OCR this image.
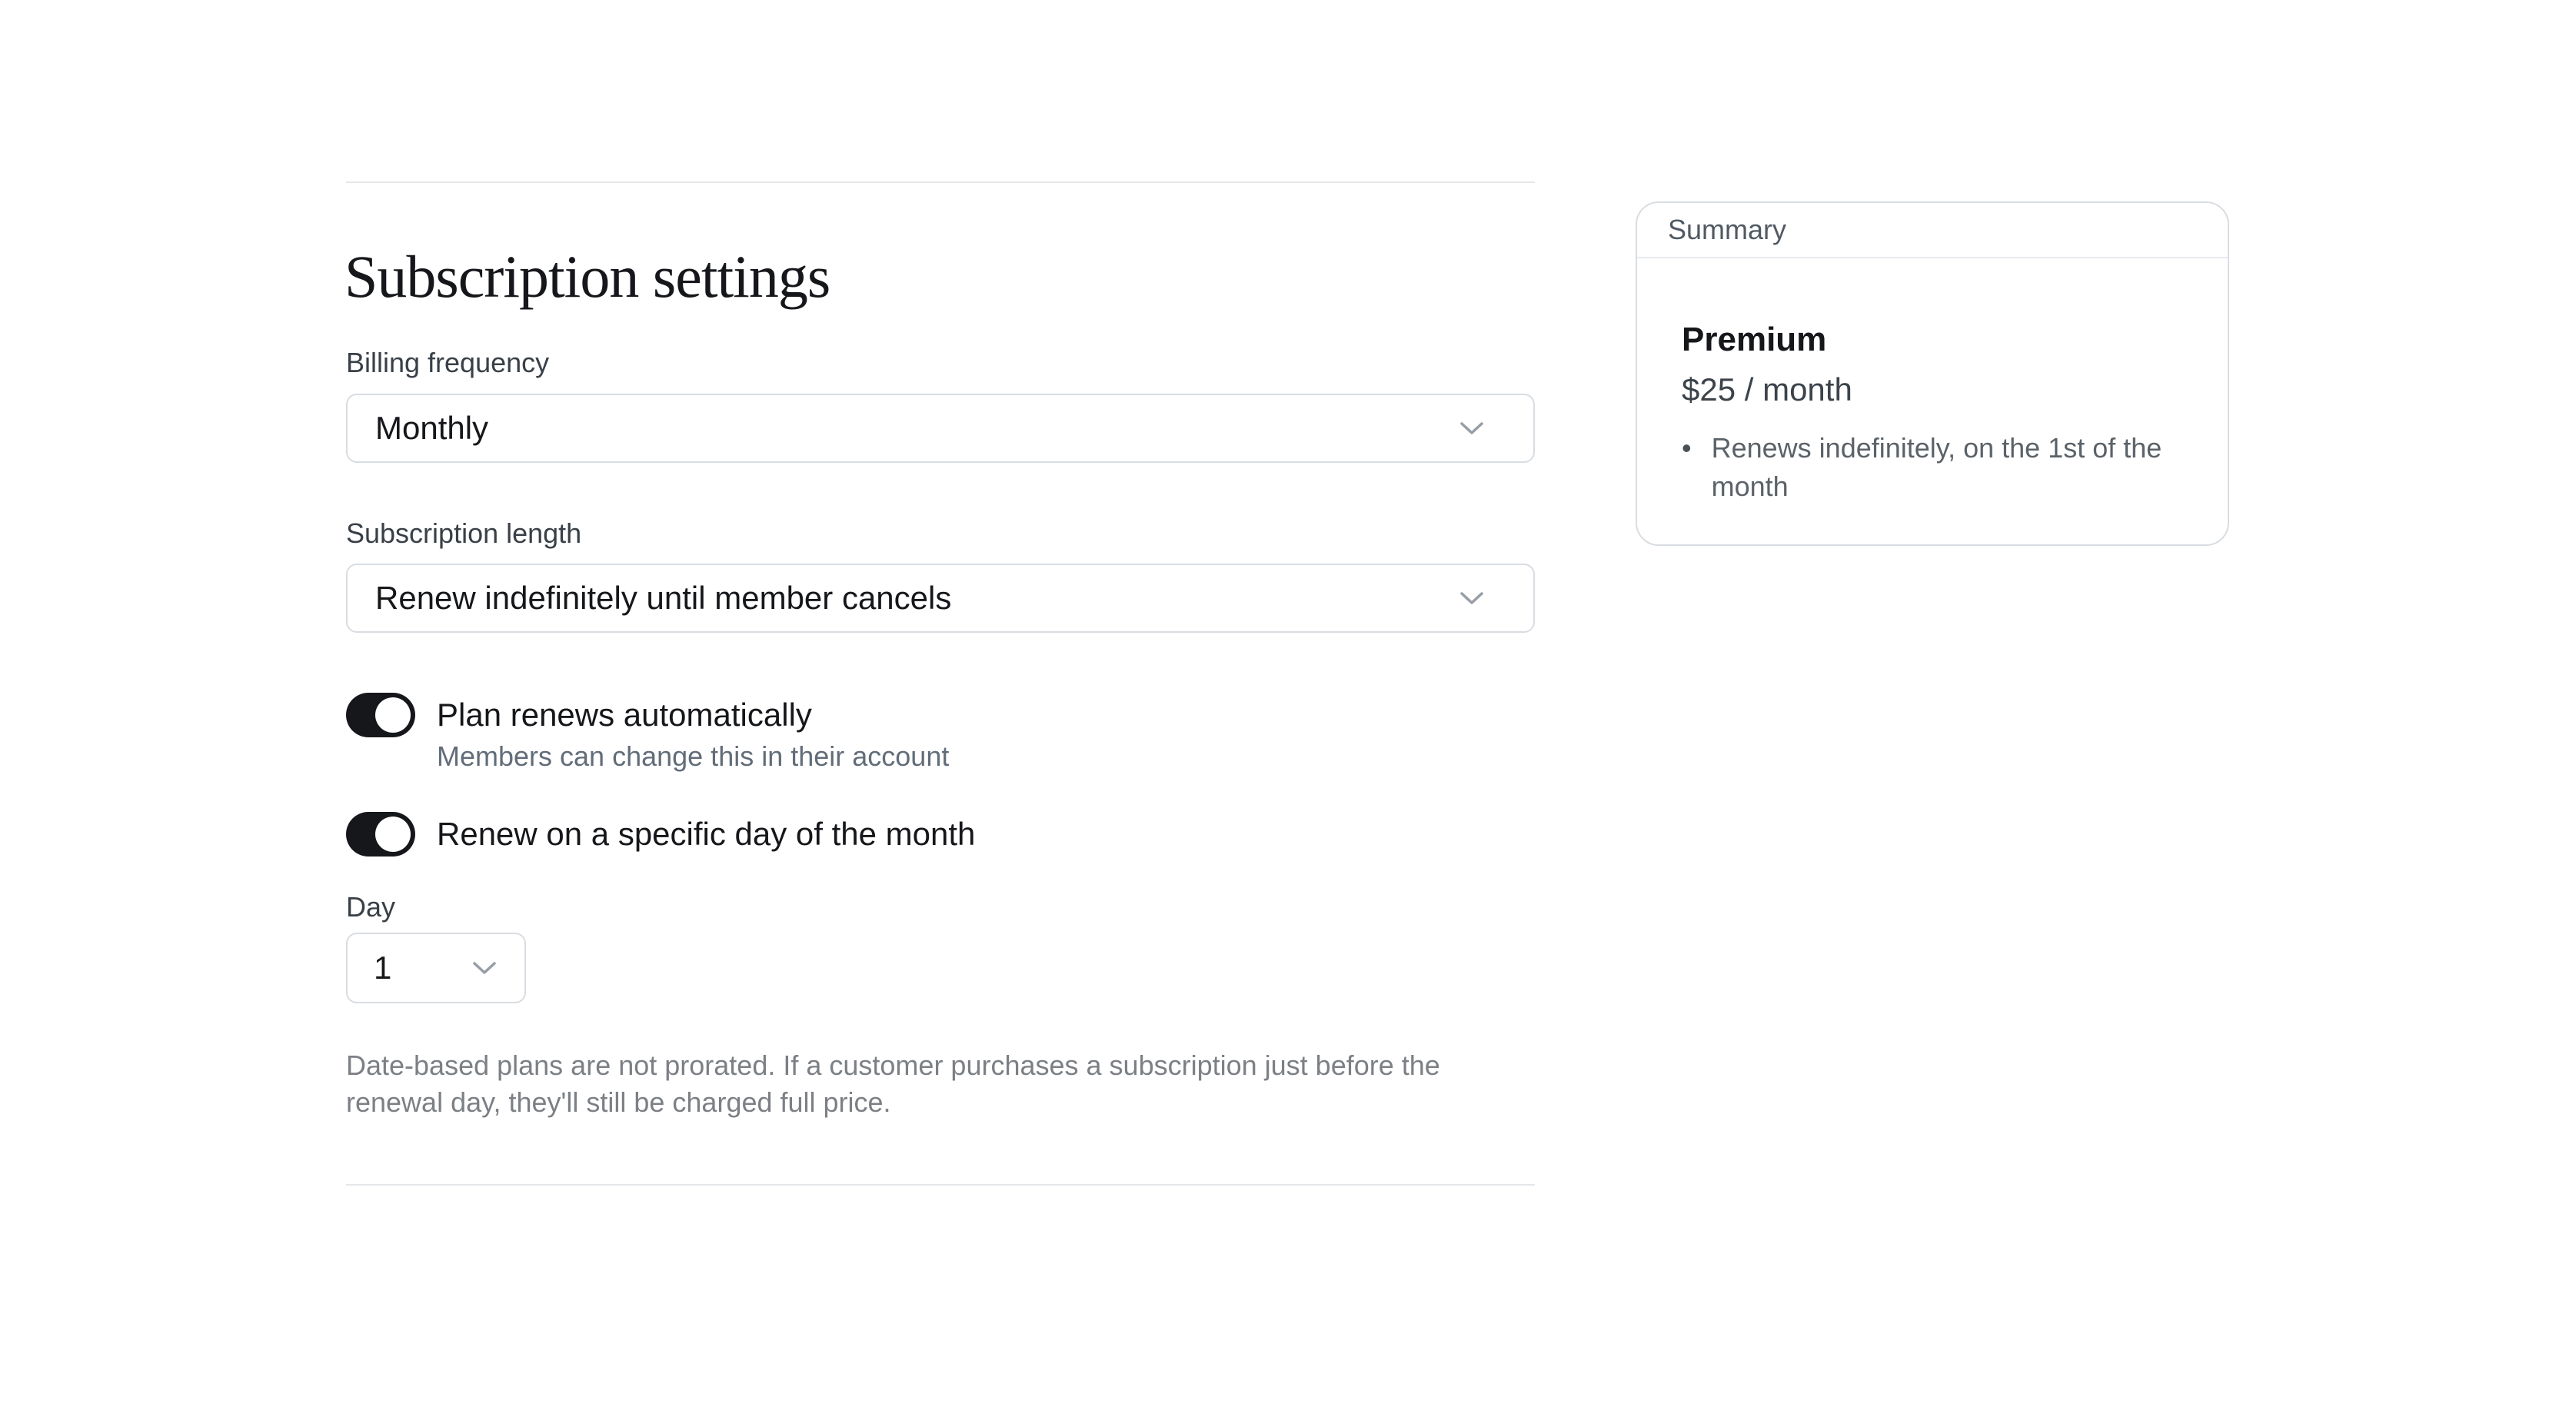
Subscription settings
Billing frequency
Monthly
Subscription length
Renew indefinitely until member cancels
Plan renews automatically
Members can change this in their account
Renew on a specific day of the month
Day
1

Date-based plans are not prorated. If a customer purchases a subscription just before the renewal day, they'll still be charged full price.

Summary
Premium
$25 / month
• Renews indefinitely, on the 1st of the month
